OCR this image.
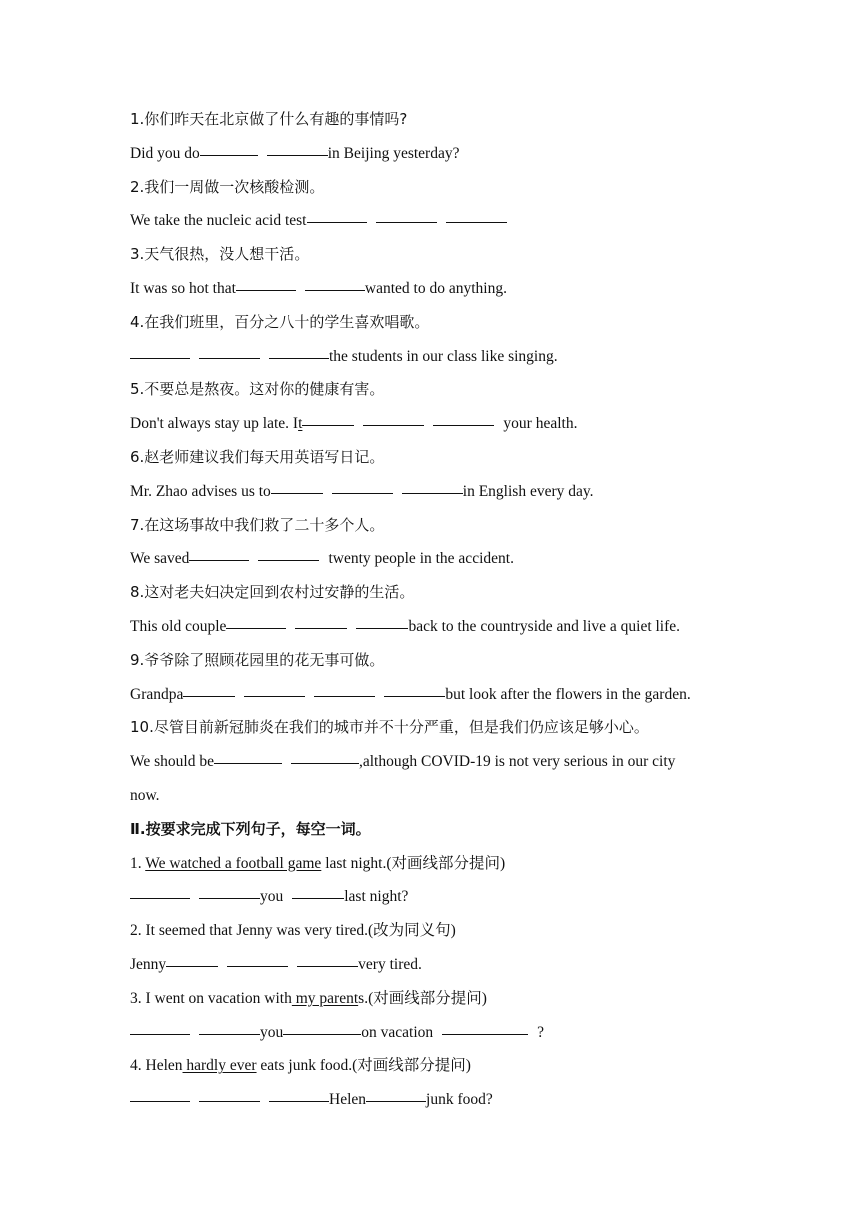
1.你们昨天在北京做了什么有趣的事情吗?
Did you do	in Beijing yesterday?
2.我们一周做一次核酸检测。
We take the nucleic acid test
3.天气很热，没人想干活。
It was so hot that	wanted to do anything.
4.在我们班里，百分之八十的学生喜欢唱歌。
the students in our class like singing.
5.不要总是熬夜。这对你的健康有害。
Don't always stay up late. It	your health.
6.赵老师建议我们每天用英语写日记。
Mr. Zhao advises us to	in English every day.
7.在这场事故中我们救了二十多个人。
We saved	twenty people in the accident.
8.这对老夫妇决定回到农村过安静的生活。
This old couple	back to the countryside and live a quiet life.
9.爷爷除了照顾花园里的花无事可做。
Grandpa	but look after the flowers in the garden.
10.尽管目前新冠肺炎在我们的城市并不十分严重，但是我们仍应该足够小心。
We should be	,although COVID-19 is not very serious in our city
now.
Ⅱ.按要求完成下列句子，每空一词。
1. We watched a football game last night.(对画线部分提问)
you	last night?
2. It seemed that Jenny was very tired.(改为同义句)
Jenny	very tired.
3. I went on vacation with my parents.(对画线部分提问)
you	on vacation	?
4. Helen hardly ever eats junk food.(对画线部分提问)
Helen	junk food?
